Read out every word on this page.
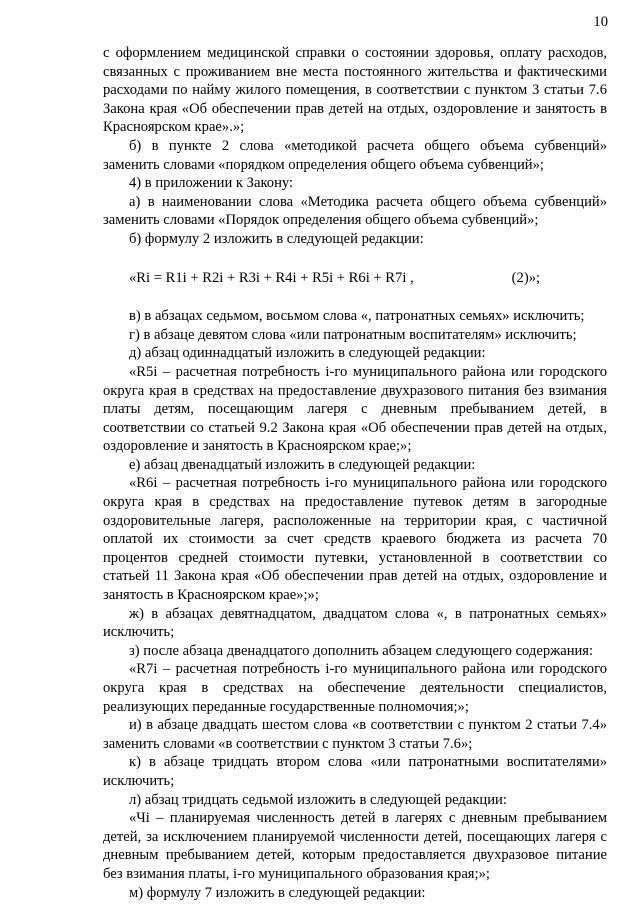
10

с оформлением медицинской справки о состоянии здоровья, оплату расходов, связанных с проживанием вне места постоянного жительства и фактическими расходами по найму жилого помещения, в соответствии с пунктом 3 статьи 7.6 Закона края «Об обеспечении прав детей на отдых, оздоровление и занятость в Красноярском крае».»;

б) в пункте 2 слова «методикой расчета общего объема субвенций» заменить словами «порядком определения общего объема субвенций»;

4) в приложении к Закону:

а) в наименовании слова «Методика расчета общего объема субвенций» заменить словами «Порядок определения общего объема субвенций»;

б) формулу 2 изложить в следующей редакции:

«Ri = R1i + R2i + R3i + R4i + R5i + R6i + R7i ,	(2)»;

в) в абзацах седьмом, восьмом слова «, патронатных семьях» исключить;

г) в абзаце девятом слова «или патронатным воспитателям» исключить;

д) абзац одиннадцатый изложить в следующей редакции:

«R5i – расчетная потребность i-го муниципального района или городского округа края в средствах на предоставление двухразового питания без взимания платы детям, посещающим лагеря с дневным пребыванием детей, в соответствии со статьей 9.2 Закона края «Об обеспечении прав детей на отдых, оздоровление и занятость в Красноярском крае;»;

е) абзац двенадцатый изложить в следующей редакции:

«R6i – расчетная потребность i-го муниципального района или городского округа края в средствах на предоставление путевок детям в загородные оздоровительные лагеря, расположенные на территории края, с частичной оплатой их стоимости за счет средств краевого бюджета из расчета 70 процентов средней стоимости путевки, установленной в соответствии со статьей 11 Закона края «Об обеспечении прав детей на отдых, оздоровление и занятость в Красноярском крае»;»;

ж) в абзацах девятнадцатом, двадцатом слова «, в патронатных семьях» исключить;

з) после абзаца двенадцатого дополнить абзацем следующего содержания:

«R7i – расчетная потребность i-го муниципального района или городского округа края в средствах на обеспечение деятельности специалистов, реализующих переданные государственные полномочия;»;

и) в абзаце двадцать шестом слова «в соответствии с пунктом 2 статьи 7.4» заменить словами «в соответствии с пунктом 3 статьи 7.6»;

к) в абзаце тридцать втором слова «или патронатными воспитателями» исключить;

л) абзац тридцать седьмой изложить в следующей редакции:

«Чi – планируемая численность детей в лагерях с дневным пребыванием детей, за исключением планируемой численности детей, посещающих лагеря с дневным пребыванием детей, которым предоставляется двухразовое питание без взимания платы, i-го муниципального образования края;»;

м) формулу 7 изложить в следующей редакции:
